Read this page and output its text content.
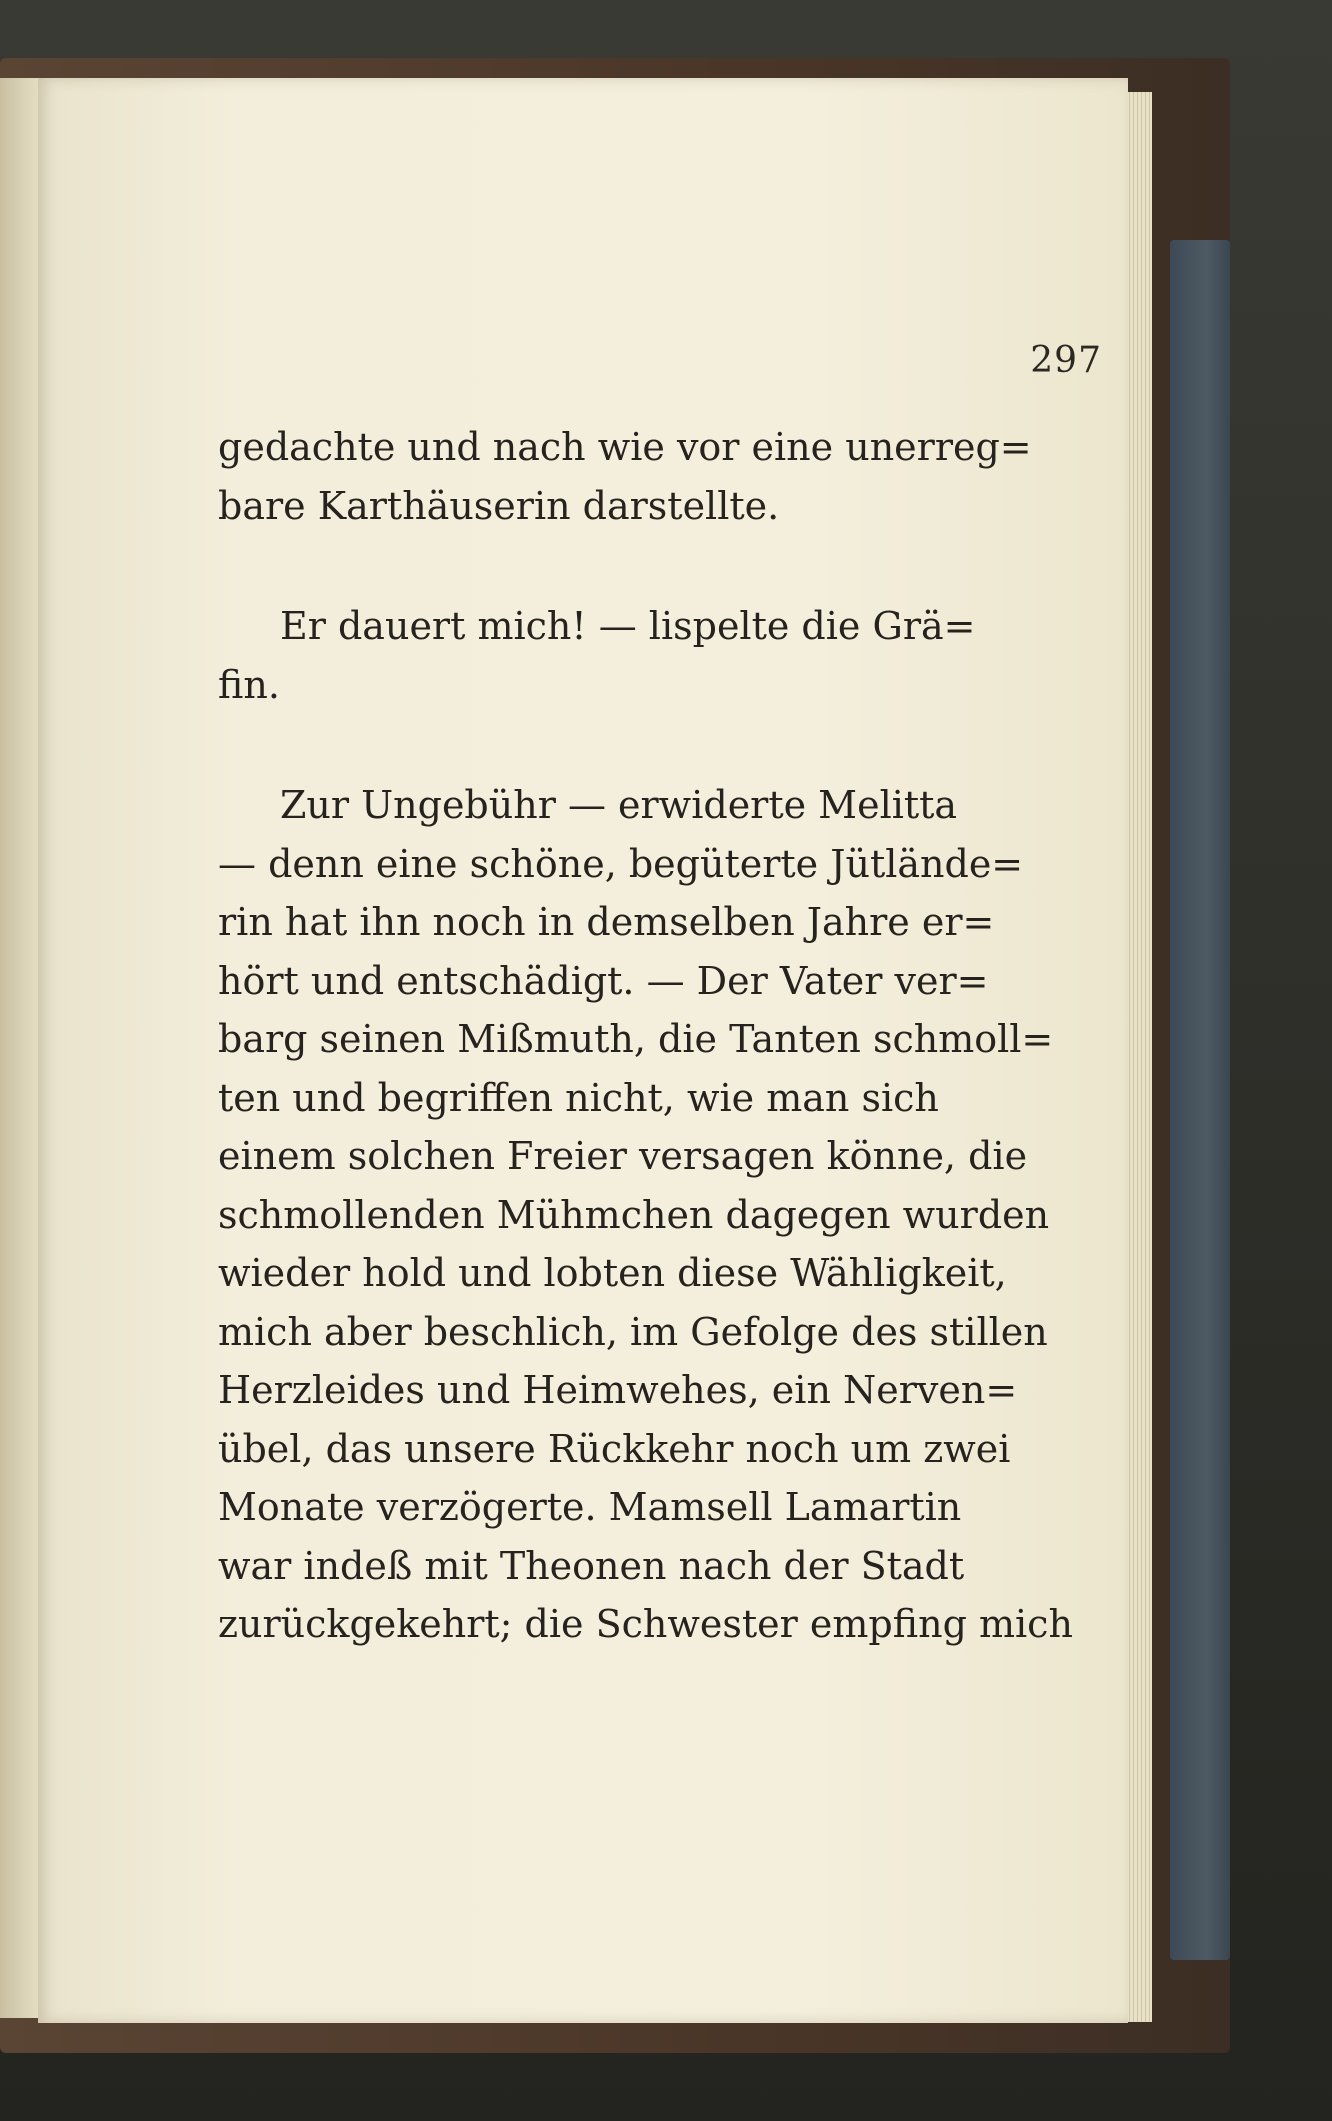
297
gedachte und nach wie vor eine unerreg=
bare Karthäuserin darstellte.
Er dauert mich! — lispelte die Grä=
fin.
Zur Ungebühr — erwiderte Melitta
— denn eine schöne, begüterte Jütlände=
rin hat ihn noch in demselben Jahre er=
hört und entschädigt. — Der Vater ver=
barg seinen Mißmuth, die Tanten schmoll=
ten und begriffen nicht, wie man sich
einem solchen Freier versagen könne, die
schmollenden Mühmchen dagegen wurden
wieder hold und lobten diese Wähligkeit,
mich aber beschlich, im Gefolge des stillen
Herzleides und Heimwehes, ein Nerven=
übel, das unsere Rückkehr noch um zwei
Monate verzögerte. Mamsell Lamartin
war indeß mit Theonen nach der Stadt
zurückgekehrt; die Schwester empfing mich
